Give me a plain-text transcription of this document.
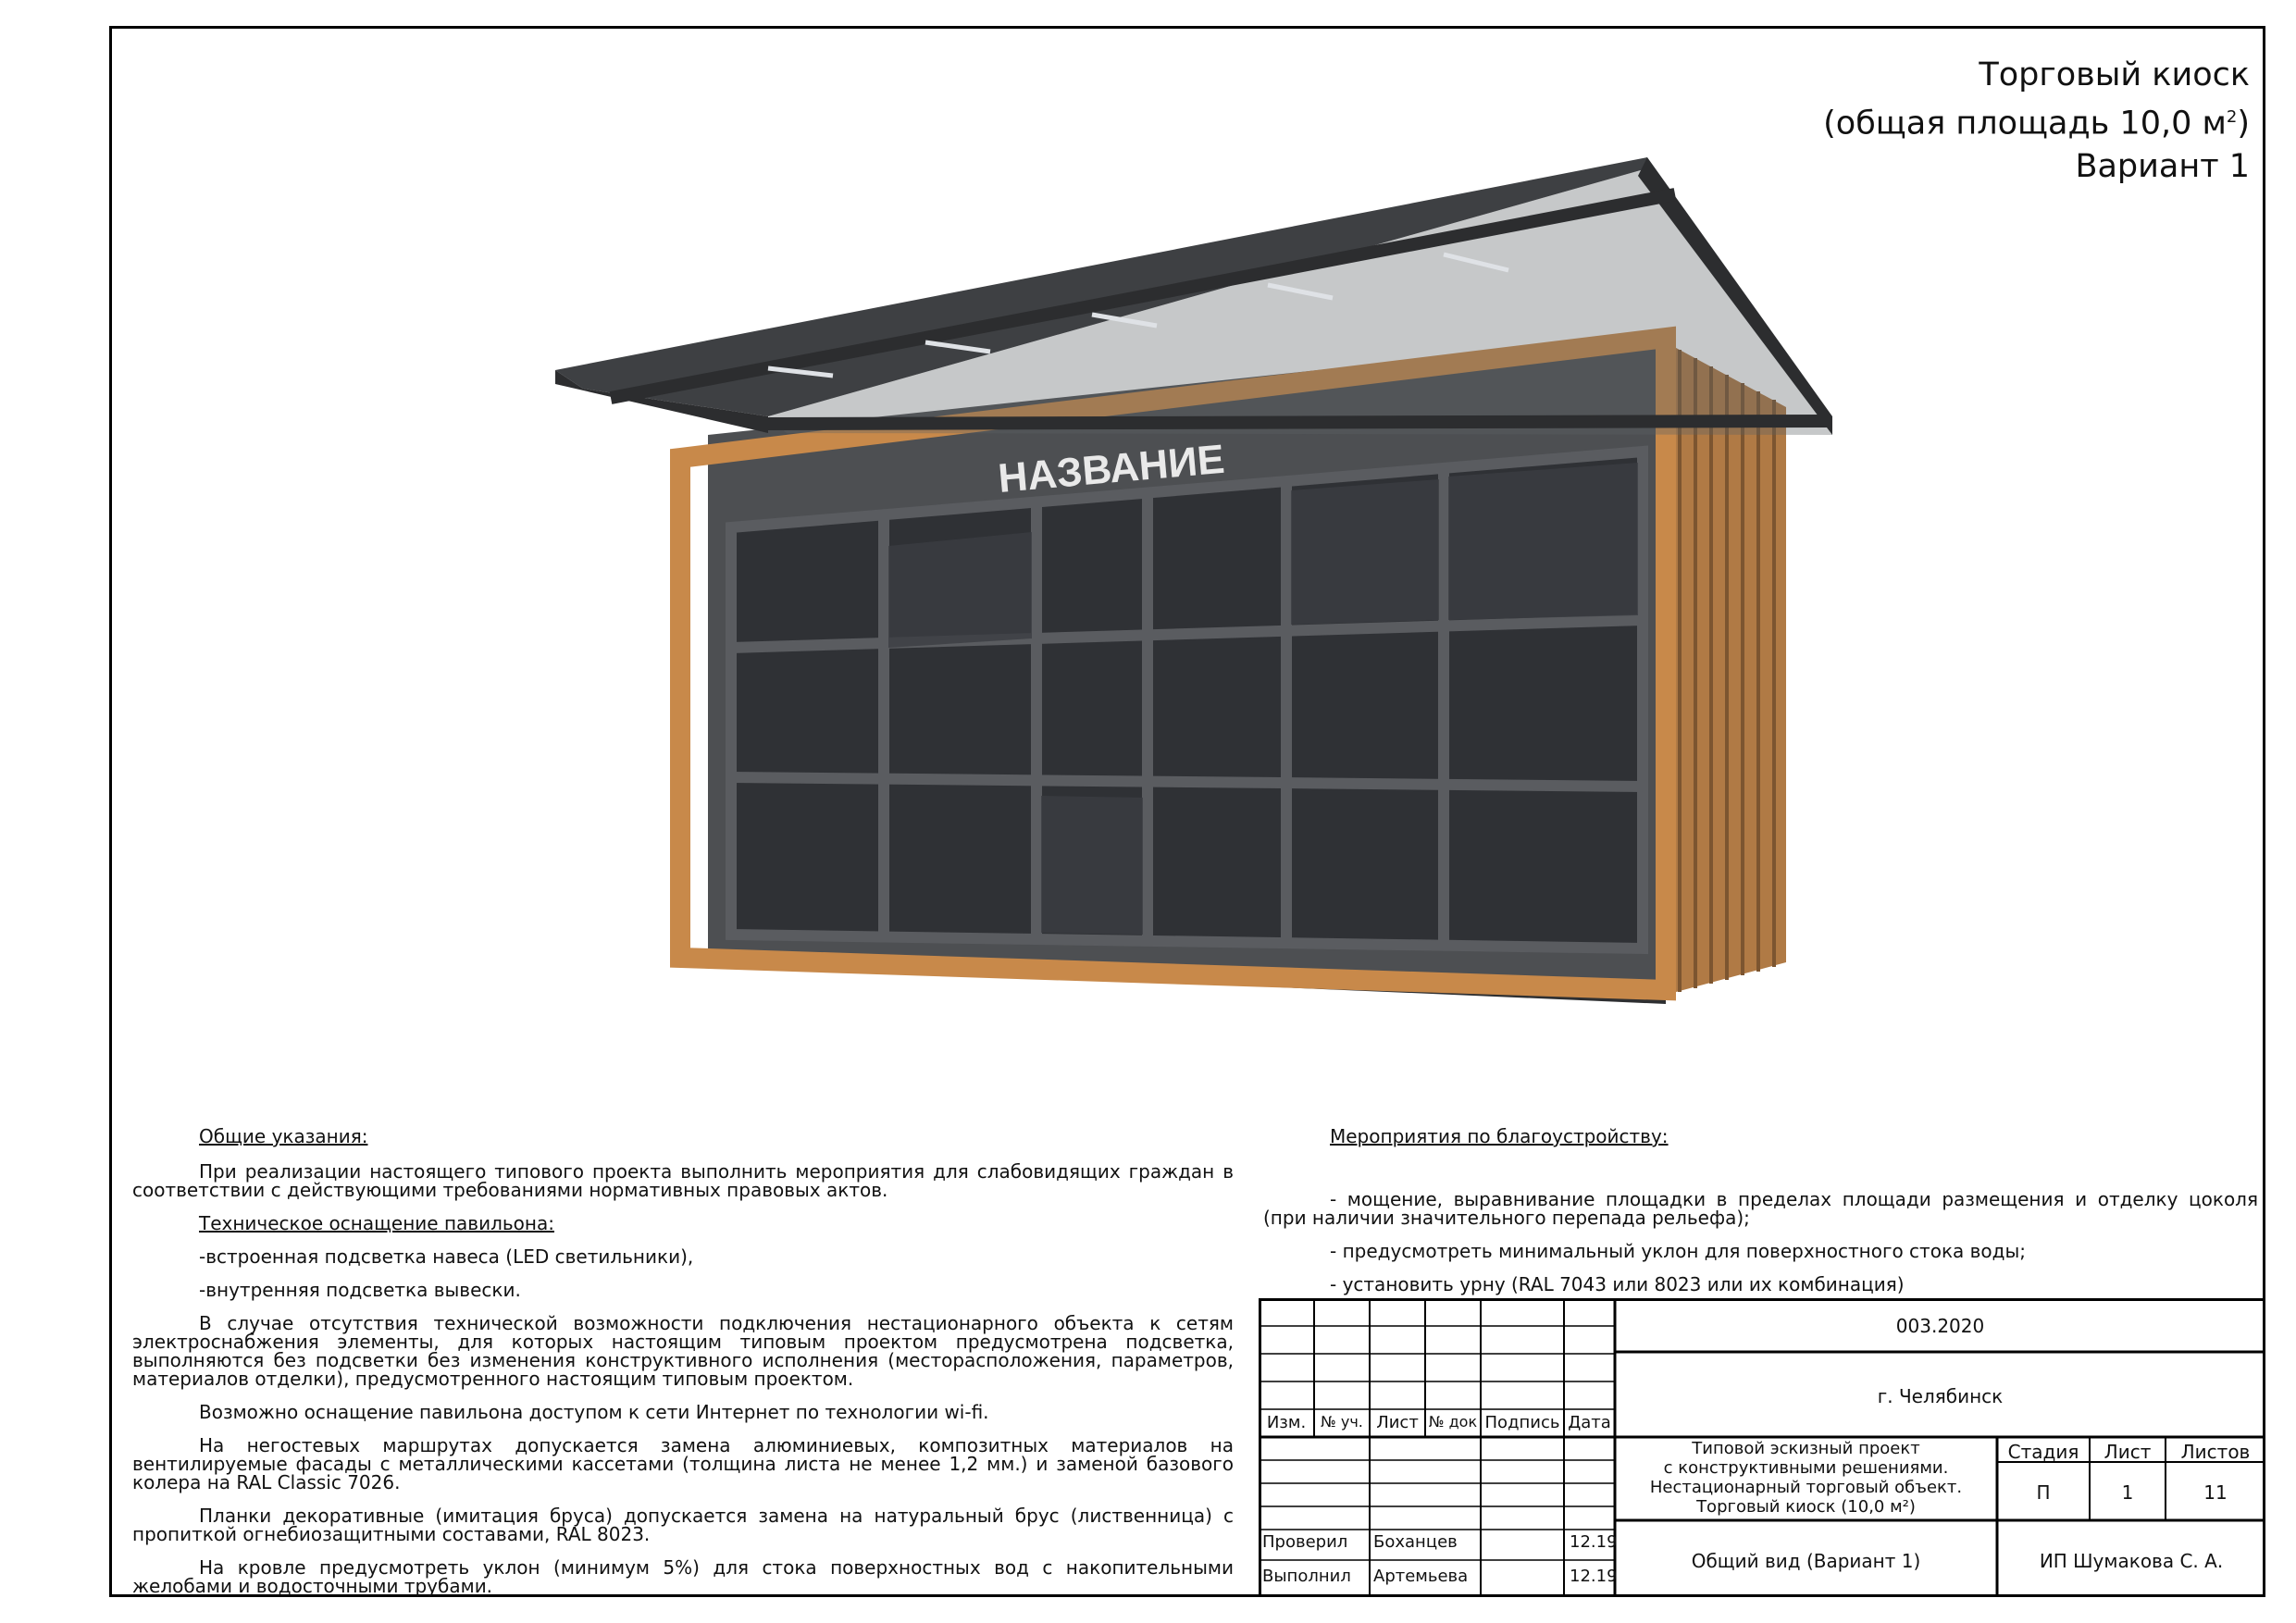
Торговый киоск
(общая площадь 10,0 $м^2$)
Вариант 1
НАЗВАНИЕ

Общие указания:

При реализации настоящего типового проекта выполнить мероприятия для слабовидящих граждан в соответствии с действующими требованиями нормативных правовых актов.

Техническое оснащение павильона:

-встроенная подсветка навеса (LED светильники),

-внутренняя подсветка вывески.

В случае отсутствия технической возможности подключения нестационарного объекта к сетям электроснабжения элементы, для которых настоящим типовым проектом предусмотрена подсветка, выполняются без подсветки без изменения конструктивного исполнения (месторасположения, параметров, материалов отделки), предусмотренного настоящим типовым проектом.

Возможно оснащение павильона доступом к сети Интернет по технологии wi-fi.

На негостевых маршрутах допускается замена алюминиевых, композитных материалов на вентилируемые фасады с металлическими кассетами (толщина листа не менее 1,2 мм.) и заменой базового колера на RAL Classic 7026.

Планки декоративные (имитация бруса) допускается замена на натуральный брус (лиственница) с пропиткой огнебиозащитными составами, RAL 8023.

На кровле предусмотреть уклон (минимум 5%) для стока поверхностных вод с накопительными желобами и водосточными трубами.

Мероприятия по благоустройству:

- мощение, выравнивание площадки в пределах площади размещения и отделку цоколя (при наличии значительного перепада рельефа);

- предусмотреть минимальный уклон для поверхностного стока воды;

- установить урну (RAL 7043 или 8023 или их комбинация)

Изм. № уч. Лист № док Подпись Дата
Проверил Боханцев	12.19
Выполнил Артемьева	12.19
003.2020
г. Челябинск
Типовой эскизный проект
с конструктивными решениями.
Нестационарный торговый объект.
Торговый киоск (10,0 м²)
Стадия	Лист	Листов
П	1	11
Общий вид (Вариант 1)	ИП Шумакова С. А.
